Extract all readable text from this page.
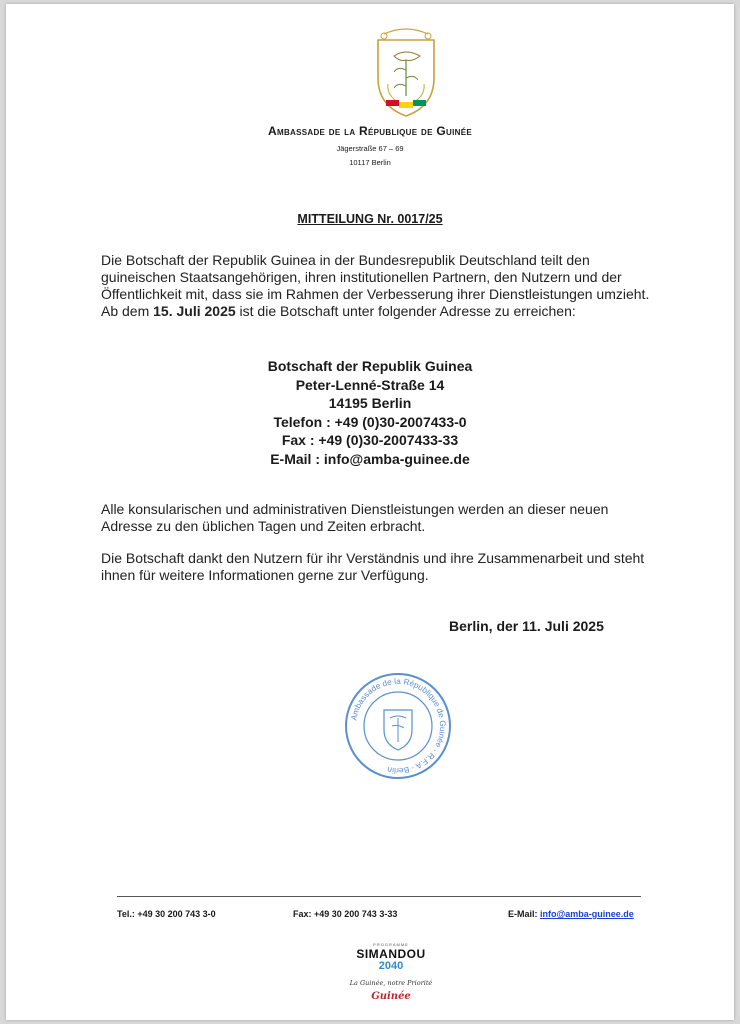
Ambassade de la République de Guinée
Jägerstraße 67 – 69
10117 Berlin
MITTEILUNG Nr. 0017/25
Die Botschaft der Republik Guinea in der Bundesrepublik Deutschland teilt den guineischen Staatsangehörigen, ihren institutionellen Partnern, den Nutzern und der Öffentlichkeit mit, dass sie im Rahmen der Verbesserung ihrer Dienstleistungen umzieht.
Ab dem 15. Juli 2025 ist die Botschaft unter folgender Adresse zu erreichen:
Botschaft der Republik Guinea
Peter-Lenné-Straße 14
14195 Berlin
Telefon : +49 (0)30-2007433-0
Fax : +49 (0)30-2007433-33
E-Mail : info@amba-guinee.de
Alle konsularischen und administrativen Dienstleistungen werden an dieser neuen Adresse zu den üblichen Tagen und Zeiten erbracht.
Die Botschaft dankt den Nutzern für ihr Verständnis und ihre Zusammenarbeit und steht ihnen für weitere Informationen gerne zur Verfügung.
Berlin, der 11. Juli 2025
Ambassade de la République de Guinée · R.F.A · Berlin
Tel.: +49 30 200 743 3-0	Fax: +49 30 200 743 3-33	E-Mail: info@amba-guinee.de
PROGRAMME
SIMANDOU
2040
La Guinée, notre Priorité
Guinée
